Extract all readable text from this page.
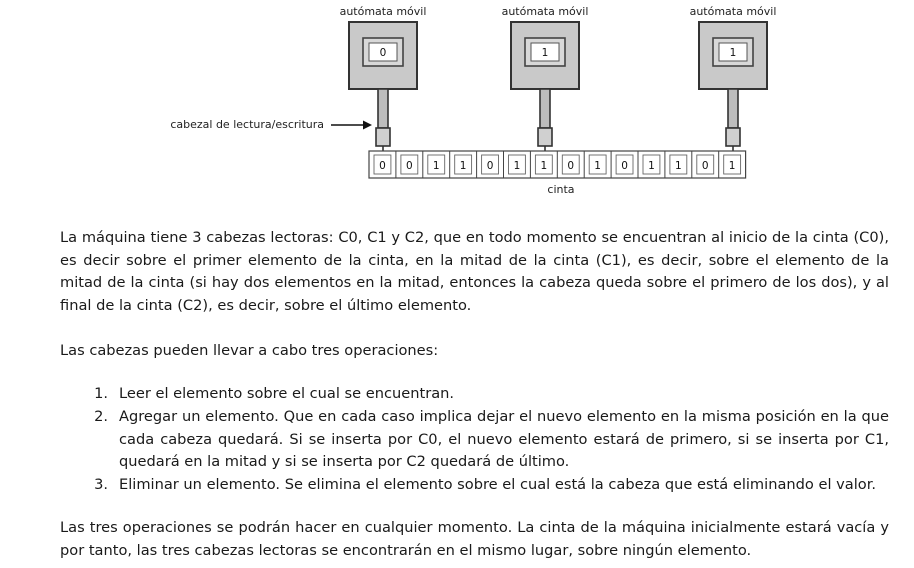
autómata móvil
0
autómata móvil
1
autómata móvil
1
0 0 1 1 0 1 1 0 1 0 1 1 0 1
cabezal de lectura/escritura
cinta

La máquina tiene 3 cabezas lectoras: C0, C1 y C2, que en todo momento se encuentran al inicio de la cinta (C0), es decir sobre el primer elemento de la cinta, en la mitad de la cinta (C1), es decir, sobre el elemento de la mitad de la cinta (si hay dos elementos en la mitad, entonces la cabeza queda sobre el primero de los dos), y al final de la cinta (C2), es decir, sobre el último elemento.

Las cabezas pueden llevar a cabo tres operaciones:

1. Leer el elemento sobre el cual se encuentran.
2. Agregar un elemento. Que en cada caso implica dejar el nuevo elemento en la misma posición en la que cada cabeza quedará. Si se inserta por C0, el nuevo elemento estará de primero, si se inserta por C1, quedará en la mitad y si se inserta por C2 quedará de último.
3. Eliminar un elemento. Se elimina el elemento sobre el cual está la cabeza que está eliminando el valor.

Las tres operaciones se podrán hacer en cualquier momento. La cinta de la máquina inicialmente estará vacía y por tanto, las tres cabezas lectoras se encontrarán en el mismo lugar, sobre ningún elemento.
